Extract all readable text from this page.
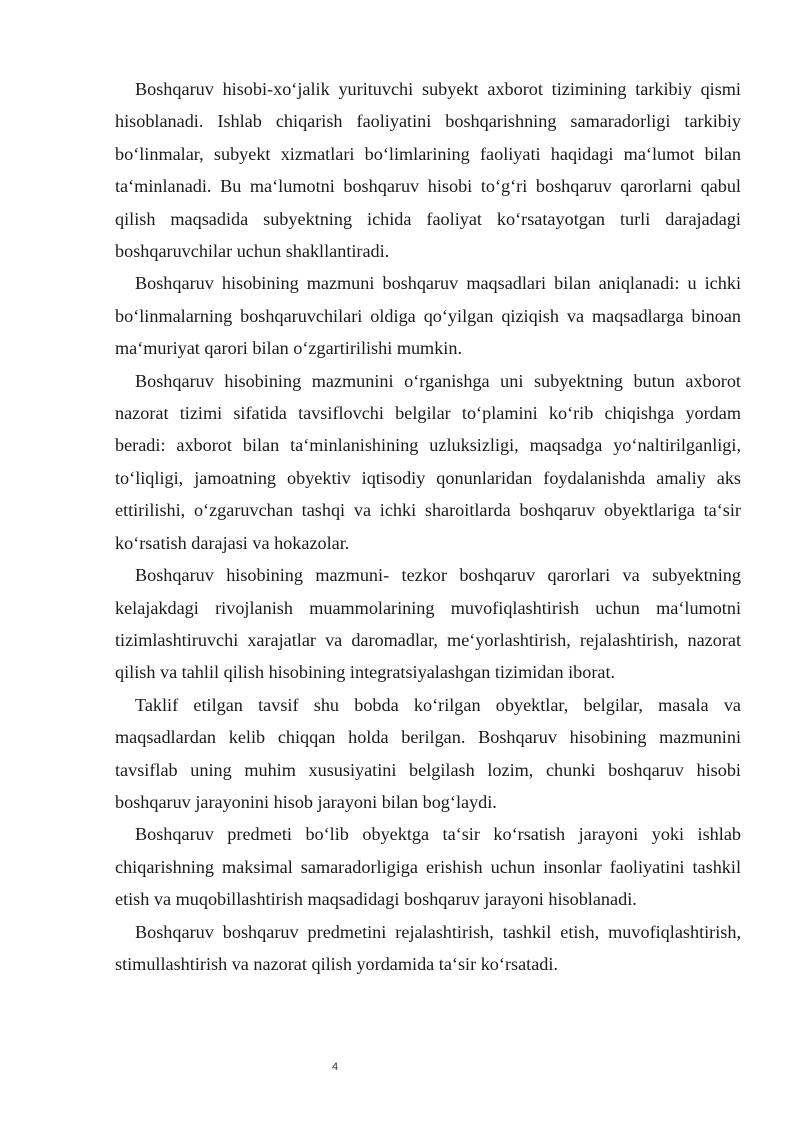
Boshqaruv hisobi-xo‘jalik yurituvchi subyekt axborot tizimining tarkibiy qismi hisoblanadi. Ishlab chiqarish faoliyatini boshqarishning samaradorligi tarkibiy bo‘linmalar, subyekt xizmatlari bo‘limlarining faoliyati haqidagi ma‘lumot bilan ta‘minlanadi. Bu ma‘lumotni boshqaruv hisobi to‘g‘ri boshqaruv qarorlarni qabul qilish maqsadida subyektning ichida faoliyat ko‘rsatayotgan turli darajadagi boshqaruvchilar uchun shakllantiradi.

Boshqaruv hisobining mazmuni boshqaruv maqsadlari bilan aniqlanadi: u ichki bo‘linmalarning boshqaruvchilari oldiga qo‘yilgan qiziqish va maqsadlarga binoan ma‘muriyat qarori bilan o‘zgartirilishi mumkin.

Boshqaruv hisobining mazmunini o‘rganishga uni subyektning butun axborot nazorat tizimi sifatida tavsiflovchi belgilar to‘plamini ko‘rib chiqishga yordam beradi: axborot bilan ta‘minlanishining uzluksizligi, maqsadga yo‘naltirilganligi, to‘liqligi, jamoatning obyektiv iqtisodiy qonunlaridan foydalanishda amaliy aks ettirilishi, o‘zgaruvchan tashqi va ichki sharoitlarda boshqaruv obyektlariga ta‘sir ko‘rsatish darajasi va hokazolar.

Boshqaruv hisobining mazmuni- tezkor boshqaruv qarorlari va subyektning kelajakdagi rivojlanish muammolarining muvofiqlashtirish uchun ma‘lumotni tizimlashtiruvchi xarajatlar va daromadlar, me‘yorlashtirish, rejalashtirish, nazorat qilish va tahlil qilish hisobining integratsiyalashgan tizimidan iborat.

Taklif etilgan tavsif shu bobda ko‘rilgan obyektlar, belgilar, masala va maqsadlardan kelib chiqqan holda berilgan. Boshqaruv hisobining mazmunini tavsiflab uning muhim xususiyatini belgilash lozim, chunki boshqaruv hisobi boshqaruv jarayonini hisob jarayoni bilan bog‘laydi.

Boshqaruv predmeti bo‘lib obyektga ta‘sir ko‘rsatish jarayoni yoki ishlab chiqarishning maksimal samaradorligiga erishish uchun insonlar faoliyatini tashkil etish va muqobillashtirish maqsadidagi boshqaruv jarayoni hisoblanadi.

Boshqaruv boshqaruv predmetini rejalashtirish, tashkil etish, muvofiqlashtirish, stimullashtirish va nazorat qilish yordamida ta‘sir ko‘rsatadi.

4
